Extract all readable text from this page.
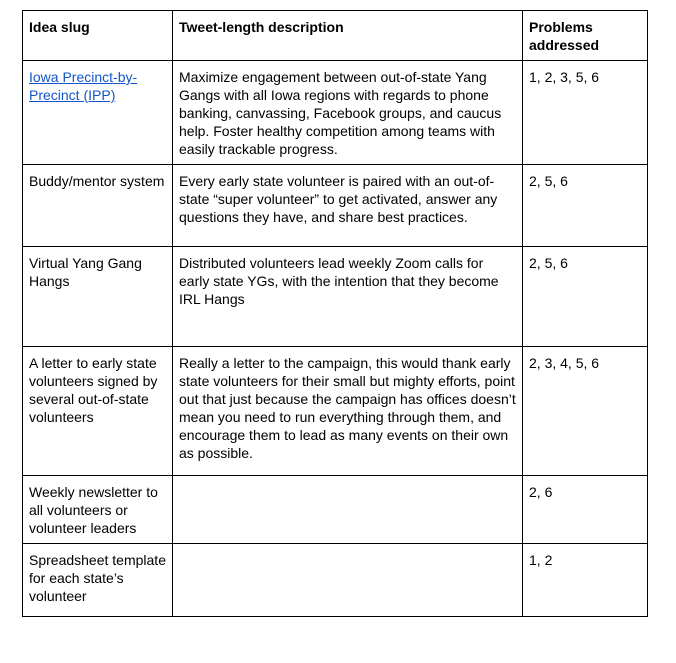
Idea slug	Tweet-length description	Problems addressed
Iowa Precinct-by-Precinct (IPP)	Maximize engagement between out-of-state Yang Gangs with all Iowa regions with regards to phone banking, canvassing, Facebook groups, and caucus help. Foster healthy competition among teams with easily trackable progress.	1, 2, 3, 5, 6
Buddy/mentor system	Every early state volunteer is paired with an out-of-state “super volunteer” to get activated, answer any questions they have, and share best practices.	2, 5, 6
Virtual Yang Gang Hangs	Distributed volunteers lead weekly Zoom calls for early state YGs, with the intention that they become IRL Hangs	2, 5, 6
A letter to early state volunteers signed by several out-of-state volunteers	Really a letter to the campaign, this would thank early state volunteers for their small but mighty efforts, point out that just because the campaign has offices doesn’t mean you need to run everything through them, and encourage them to lead as many events on their own as possible.	2, 3, 4, 5, 6
Weekly newsletter to all volunteers or volunteer leaders		2, 6
Spreadsheet template for each state’s volunteer		1, 2
